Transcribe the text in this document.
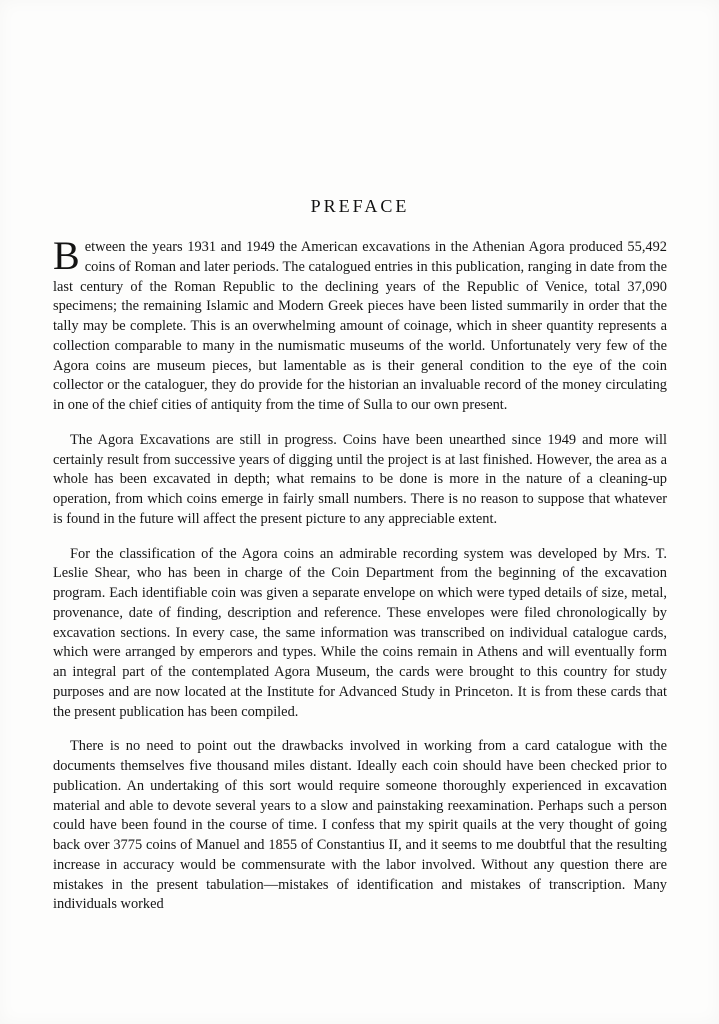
PREFACE

Between the years 1931 and 1949 the American excavations in the Athenian Agora produced 55,492 coins of Roman and later periods. The catalogued entries in this publication, ranging in date from the last century of the Roman Republic to the declining years of the Republic of Venice, total 37,090 specimens; the remaining Islamic and Modern Greek pieces have been listed summarily in order that the tally may be complete. This is an overwhelming amount of coinage, which in sheer quantity represents a collection comparable to many in the numismatic museums of the world. Unfortunately very few of the Agora coins are museum pieces, but lamentable as is their general condition to the eye of the coin collector or the cataloguer, they do provide for the historian an invaluable record of the money circulating in one of the chief cities of antiquity from the time of Sulla to our own present.

The Agora Excavations are still in progress. Coins have been unearthed since 1949 and more will certainly result from successive years of digging until the project is at last finished. However, the area as a whole has been excavated in depth; what remains to be done is more in the nature of a cleaning-up operation, from which coins emerge in fairly small numbers. There is no reason to suppose that whatever is found in the future will affect the present picture to any appreciable extent.

For the classification of the Agora coins an admirable recording system was developed by Mrs. T. Leslie Shear, who has been in charge of the Coin Department from the beginning of the excavation program. Each identifiable coin was given a separate envelope on which were typed details of size, metal, provenance, date of finding, description and reference. These envelopes were filed chronologically by excavation sections. In every case, the same information was transcribed on individual catalogue cards, which were arranged by emperors and types. While the coins remain in Athens and will eventually form an integral part of the contemplated Agora Museum, the cards were brought to this country for study purposes and are now located at the Institute for Advanced Study in Princeton. It is from these cards that the present publication has been compiled.

There is no need to point out the drawbacks involved in working from a card catalogue with the documents themselves five thousand miles distant. Ideally each coin should have been checked prior to publication. An undertaking of this sort would require someone thoroughly experienced in excavation material and able to devote several years to a slow and painstaking reexamination. Perhaps such a person could have been found in the course of time. I confess that my spirit quails at the very thought of going back over 3775 coins of Manuel and 1855 of Constantius II, and it seems to me doubtful that the resulting increase in accuracy would be commensurate with the labor involved. Without any question there are mistakes in the present tabulation—mistakes of identification and mistakes of transcription. Many individuals worked
